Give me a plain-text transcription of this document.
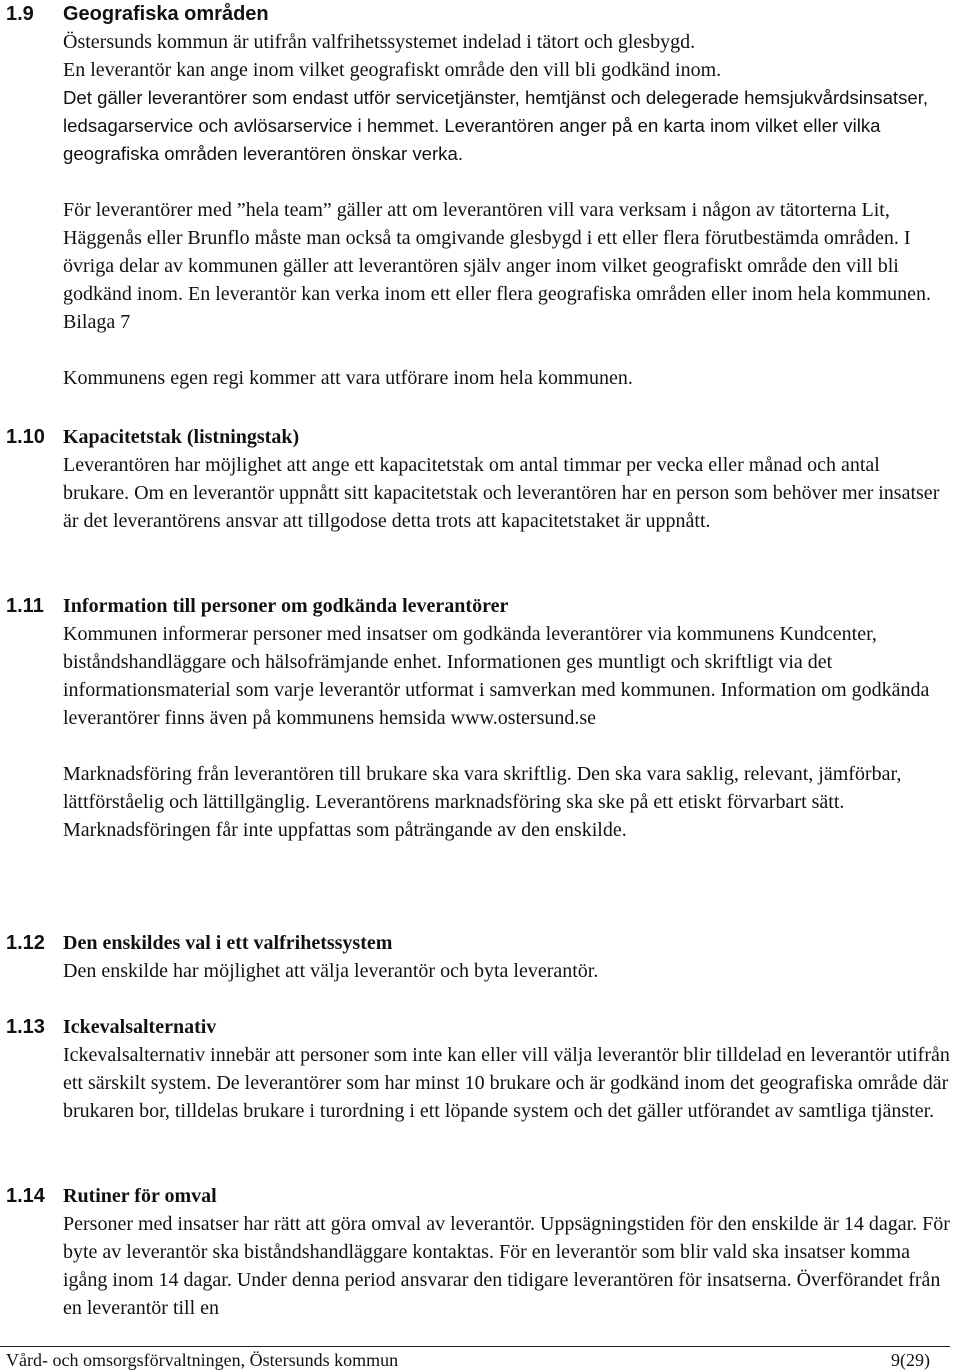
1.9 Geografiska områden

Östersunds kommun är utifrån valfrihetssystemet indelad i tätort och glesbygd.
En leverantör kan ange inom vilket geografiskt område den vill bli godkänd inom.

Det gäller leverantörer som endast utför servicetjänster, hemtjänst och delegerade hemsjukvårdsinsatser, ledsagarservice och avlösarservice i hemmet. Leverantören anger på en karta inom vilket eller vilka geografiska områden leverantören önskar verka.

För leverantörer med ”hela team” gäller att om leverantören vill vara verksam i någon av tätorterna Lit, Häggenås eller Brunflo måste man också ta omgivande glesbygd i ett eller flera förutbestämda områden. I övriga delar av kommunen gäller att leverantören själv anger inom vilket geografiskt område den vill bli godkänd inom. En leverantör kan verka inom ett eller flera geografiska områden eller inom hela kommunen. Bilaga 7

Kommunens egen regi kommer att vara utförare inom hela kommunen.

1.10 Kapacitetstak (listningstak)

Leverantören har möjlighet att ange ett kapacitetstak om antal timmar per vecka eller månad och antal brukare. Om en leverantör uppnått sitt kapacitetstak och leverantören har en person som behöver mer insatser är det leverantörens ansvar att tillgodose detta trots att kapacitetstaket är uppnått.

1.11 Information till personer om godkända leverantörer

Kommunen informerar personer med insatser om godkända leverantörer via kommunens Kundcenter, biståndshandläggare och hälsofrämjande enhet. Informationen ges muntligt och skriftligt via det informationsmaterial som varje leverantör utformat i samverkan med kommunen. Information om godkända leverantörer finns även på kommunens hemsida www.ostersund.se

Marknadsföring från leverantören till brukare ska vara skriftlig. Den ska vara saklig, relevant, jämförbar, lättförståelig och lättillgänglig. Leverantörens marknadsföring ska ske på ett etiskt förvarbart sätt. Marknadsföringen får inte uppfattas som påträngande av den enskilde.

1.12 Den enskildes val i ett valfrihetssystem

Den enskilde har möjlighet att välja leverantör och byta leverantör.

1.13 Ickevalsalternativ

Ickevalsalternativ innebär att personer som inte kan eller vill välja leverantör blir tilldelad en leverantör utifrån ett särskilt system. De leverantörer som har minst 10 brukare och är godkänd inom det geografiska område där brukaren bor, tilldelas brukare i turordning i ett löpande system och det gäller utförandet av samtliga tjänster.

1.14 Rutiner för omval

Personer med insatser har rätt att göra omval av leverantör. Uppsägningstiden för den enskilde är 14 dagar. För byte av leverantör ska biståndshandläggare kontaktas. För en leverantör som blir vald ska insatser komma igång inom 14 dagar. Under denna period ansvarar den tidigare leverantören för insatserna. Överförandet från en leverantör till en

Vård- och omsorgsförvaltningen, Östersunds kommun	9(29)
